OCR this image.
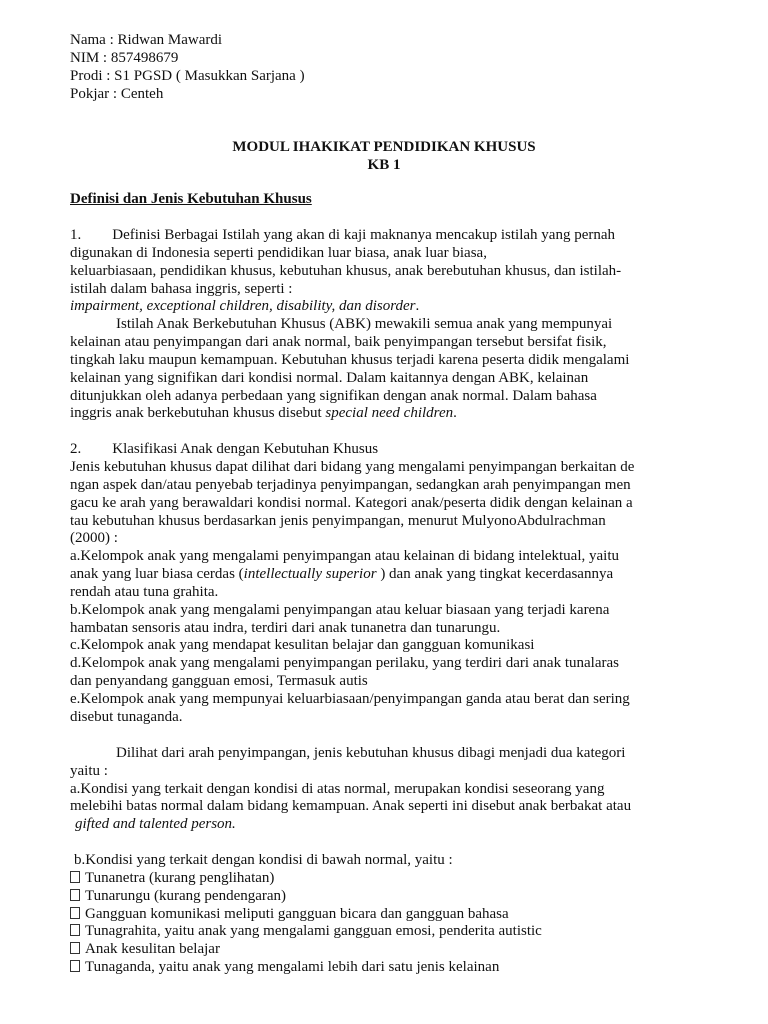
Nama : Ridwan Mawardi
NIM : 857498679
Prodi : S1 PGSD ( Masukkan Sarjana )
Pokjar : Centeh
MODUL IHAKIKAT PENDIDIKAN KHUSUS
KB 1
Definisi dan Jenis Kebutuhan Khusus
1. Definisi Berbagai Istilah yang akan di kaji maknanya mencakup istilah yang pernah
digunakan di Indonesia seperti pendidikan luar biasa, anak luar biasa,
keluarbiasaan, pendidikan khusus, kebutuhan khusus, anak berebutuhan khusus, dan istilah-
istilah dalam bahasa inggris, seperti :
impairment, exceptional children, disability, dan disorder.
Istilah Anak Berkebutuhan Khusus (ABK) mewakili semua anak yang mempunyai
kelainan atau penyimpangan dari anak normal, baik penyimpangan tersebut bersifat fisik,
tingkah laku maupun kemampuan. Kebutuhan khusus terjadi karena peserta didik mengalami
kelainan yang signifikan dari kondisi normal. Dalam kaitannya dengan ABK, kelainan
ditunjukkan oleh adanya perbedaan yang signifikan dengan anak normal. Dalam bahasa
inggris anak berkebutuhan khusus disebut special need children.
2. Klasifikasi Anak dengan Kebutuhan Khusus
Jenis kebutuhan khusus dapat dilihat dari bidang yang mengalami penyimpangan berkaitan de
ngan aspek dan/atau penyebab terjadinya penyimpangan, sedangkan arah penyimpangan men
gacu ke arah yang berawaldari kondisi normal. Kategori anak/peserta didik dengan kelainan a
tau kebutuhan khusus berdasarkan jenis penyimpangan, menurut MulyonoAbdulrachman
(2000) :
a.Kelompok anak yang mengalami penyimpangan atau kelainan di bidang intelektual, yaitu
anak yang luar biasa cerdas (intellectually superior ) dan anak yang tingkat kecerdasannya
rendah atau tuna grahita.
b.Kelompok anak yang mengalami penyimpangan atau keluar biasaan yang terjadi karena
hambatan sensoris atau indra, terdiri dari anak tunanetra dan tunarungu.
c.Kelompok anak yang mendapat kesulitan belajar dan gangguan komunikasi
d.Kelompok anak yang mengalami penyimpangan perilaku, yang terdiri dari anak tunalaras
dan penyandang gangguan emosi, Termasuk autis
e.Kelompok anak yang mempunyai keluarbiasaan/penyimpangan ganda atau berat dan sering
disebut tunaganda.
Dilihat dari arah penyimpangan, jenis kebutuhan khusus dibagi menjadi dua kategori
yaitu :
a.Kondisi yang terkait dengan kondisi di atas normal, merupakan kondisi seseorang yang
melebihi batas normal dalam bidang kemampuan. Anak seperti ini disebut anak berbakat atau
gifted and talented person.
b.Kondisi yang terkait dengan kondisi di bawah normal, yaitu :
Tunanetra (kurang penglihatan)
Tunarungu (kurang pendengaran)
Gangguan komunikasi meliputi gangguan bicara dan gangguan bahasa
Tunagrahita, yaitu anak yang mengalami gangguan emosi, penderita autistic
Anak kesulitan belajar
Tunaganda, yaitu anak yang mengalami lebih dari satu jenis kelainan
